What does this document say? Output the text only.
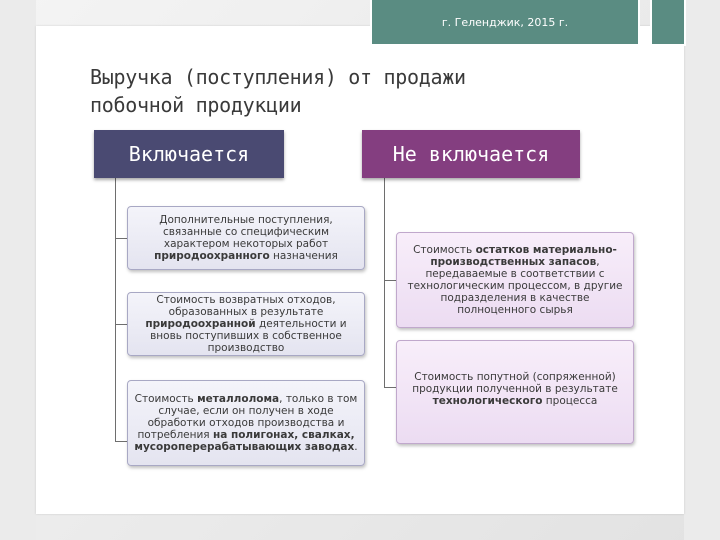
г. Геленджик, 2015 г.
Выручка (поступления) от продажи
побочной продукции
Включается	Не включается
Дополнительные поступления, связанные со специфическим характером некоторых работ природоохранного назначения
Стоимость возвратных отходов, образованных в результате природоохранной деятельности и вновь поступивших в собственное производство
Стоимость металлолома, только в том случае, если он получен в ходе обработки отходов производства и потребления на полигонах, свалках, мусороперерабатывающих заводах.
Стоимость остатков материально-производственных запасов, передаваемые в соответствии с технологическим процессом, в другие подразделения в качестве полноценного сырья
Стоимость попутной (сопряженной) продукции полученной в результате технологического процесса
